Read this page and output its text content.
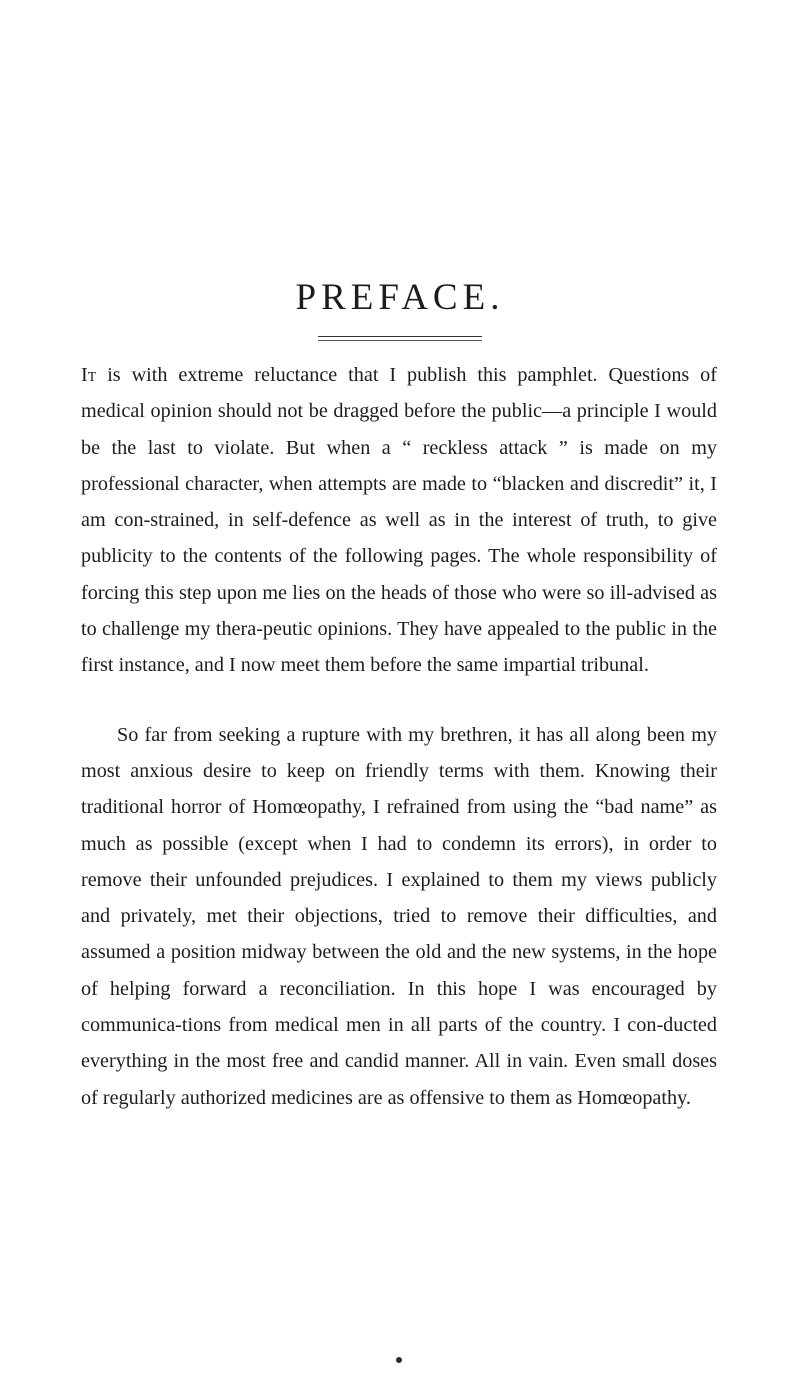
PREFACE.

It is with extreme reluctance that I publish this pamphlet. Questions of medical opinion should not be dragged before the public—a principle I would be the last to violate. But when a “ reckless attack ” is made on my professional character, when attempts are made to “blacken and discredit” it, I am con-strained, in self-defence as well as in the interest of truth, to give publicity to the contents of the following pages. The whole responsibility of forcing this step upon me lies on the heads of those who were so ill-advised as to challenge my thera-peutic opinions. They have appealed to the public in the first instance, and I now meet them before the same impartial tribunal.

So far from seeking a rupture with my brethren, it has all along been my most anxious desire to keep on friendly terms with them. Knowing their traditional horror of Homœopathy, I refrained from using the “bad name” as much as possible (except when I had to condemn its errors), in order to remove their unfounded prejudices. I explained to them my views publicly and privately, met their objections, tried to remove their difficulties, and assumed a position midway between the old and the new systems, in the hope of helping forward a reconciliation. In this hope I was encouraged by communica-tions from medical men in all parts of the country. I con-ducted everything in the most free and candid manner. All in vain. Even small doses of regularly authorized medicines are as offensive to them as Homœopathy.
